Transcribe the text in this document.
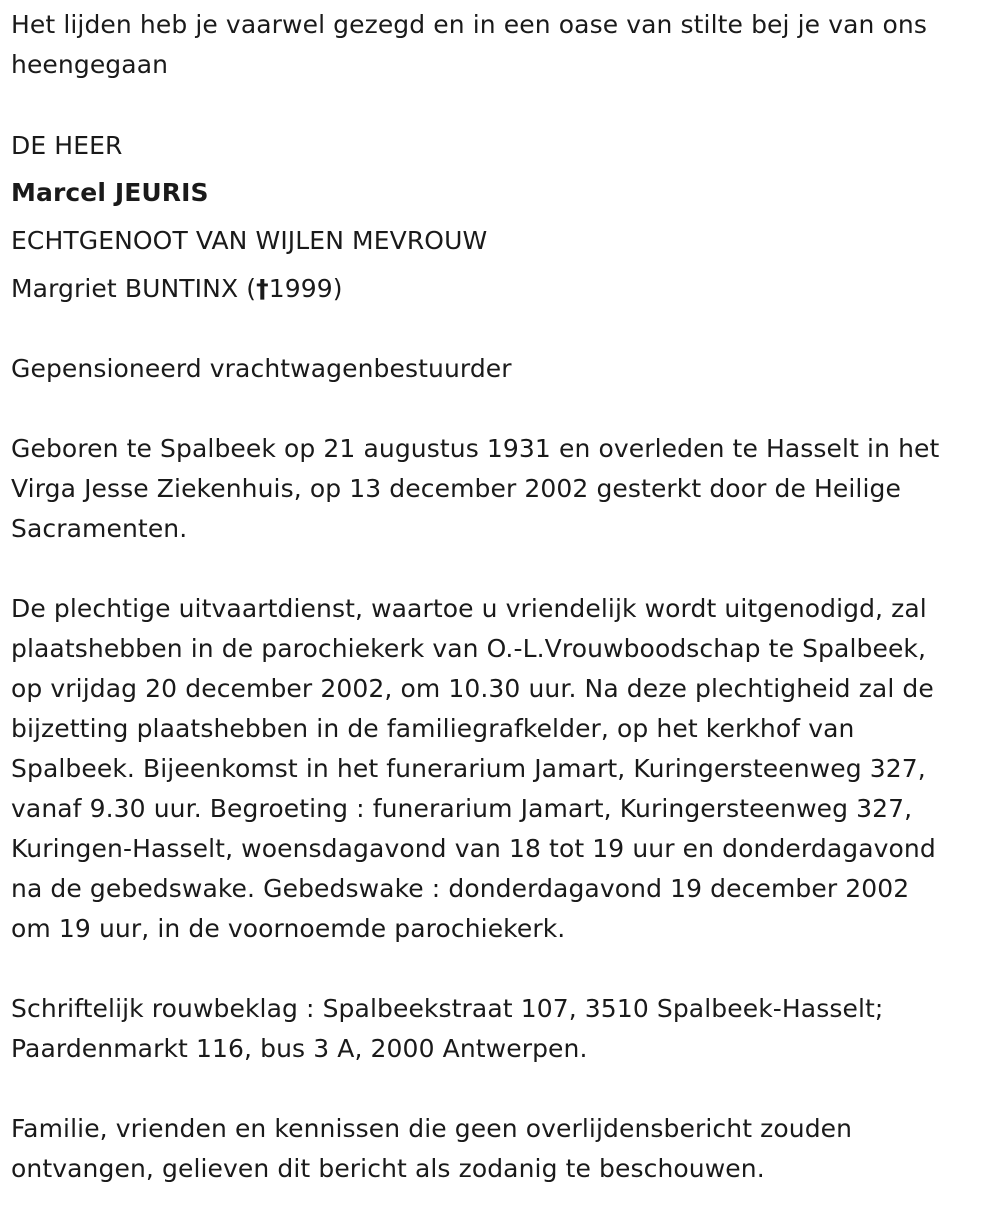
Het lijden heb je vaarwel gezegd en in een oase van stilte bej je van ons

heengegaan

DE HEER

Marcel JEURIS

ECHTGENOOT VAN WIJLEN MEVROUW

Margriet BUNTINX (†1999)

Gepensioneerd vrachtwagenbestuurder

Geboren te Spalbeek op 21 augustus 1931 en overleden te Hasselt in het

Virga Jesse Ziekenhuis, op 13 december 2002 gesterkt door de Heilige

Sacramenten.

De plechtige uitvaartdienst, waartoe u vriendelijk wordt uitgenodigd, zal

plaatshebben in de parochiekerk van O.-L.Vrouwboodschap te Spalbeek,

op vrijdag 20 december 2002, om 10.30 uur. Na deze plechtigheid zal de

bijzetting plaatshebben in de familiegrafkelder, op het kerkhof van

Spalbeek. Bijeenkomst in het funerarium Jamart, Kuringersteenweg 327,

vanaf 9.30 uur. Begroeting : funerarium Jamart, Kuringersteenweg 327,

Kuringen-Hasselt, woensdagavond van 18 tot 19 uur en donderdagavond

na de gebedswake. Gebedswake : donderdagavond 19 december 2002

om 19 uur, in de voornoemde parochiekerk.

Schriftelijk rouwbeklag : Spalbeekstraat 107, 3510 Spalbeek-Hasselt;

Paardenmarkt 116, bus 3 A, 2000 Antwerpen.

Familie, vrienden en kennissen die geen overlijdensbericht zouden

ontvangen, gelieven dit bericht als zodanig te beschouwen.
